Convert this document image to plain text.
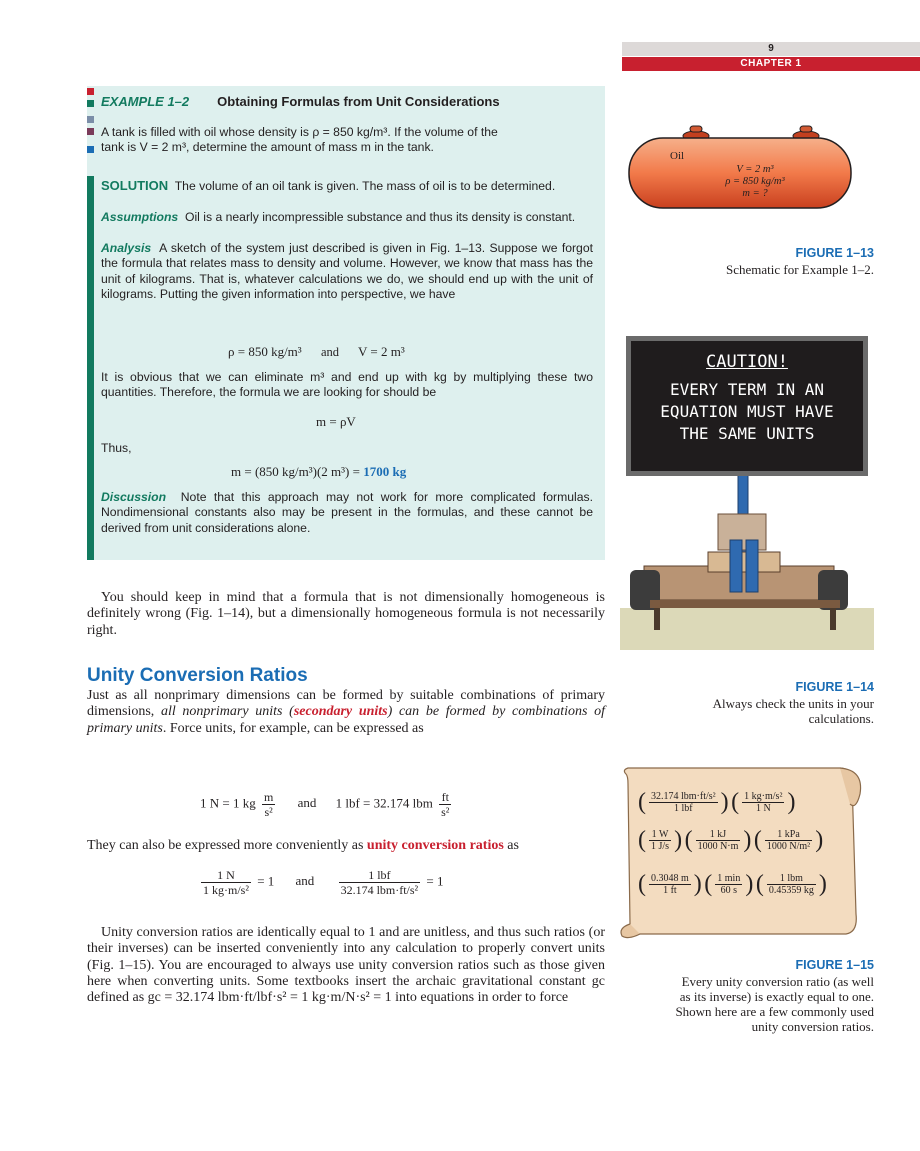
9
CHAPTER 1
EXAMPLE 1–2 Obtaining Formulas from Unit Considerations
A tank is filled with oil whose density is ρ = 850 kg/m³. If the volume of the
tank is V = 2 m³, determine the amount of mass m in the tank.
SOLUTION The volume of an oil tank is given. The mass of oil is to be determined.
Assumptions Oil is a nearly incompressible substance and thus its density is constant.
Analysis A sketch of the system just described is given in Fig. 1–13. Suppose we forgot the formula that relates mass to density and volume. However, we know that mass has the unit of kilograms. That is, whatever calculations we do, we should end up with the unit of kilograms. Putting the given information into perspective, we have
ρ = 850 kg/m³ and V = 2 m³
It is obvious that we can eliminate m³ and end up with kg by multiplying these two quantities. Therefore, the formula we are looking for should be
m = ρV
Thus,
m = (850 kg/m³)(2 m³) = 1700 kg
Discussion Note that this approach may not work for more complicated formulas. Nondimensional constants also may be present in the formulas, and these cannot be derived from unit considerations alone.
You should keep in mind that a formula that is not dimensionally homogeneous is definitely wrong (Fig. 1–14), but a dimensionally homogeneous formula is not necessarily right.
Unity Conversion Ratios
Just as all nonprimary dimensions can be formed by suitable combinations of primary dimensions, all nonprimary units (secondary units) can be formed by combinations of primary units. Force units, for example, can be expressed as
1 N = 1 kg $\frac{m}{\text{s²}}$ and 1 lbf = 32.174 lbm $\frac{ft}{\text{s²}}$
They can also be expressed more conveniently as unity conversion ratios as
$\frac{1 N}{\text{1 kg·m/s²}} = 1$ and $\frac{\text{1 lbf}}{\text{32.174 lbm·ft/s²}} = 1$
Unity conversion ratios are identically equal to 1 and are unitless, and thus such ratios (or their inverses) can be inserted conveniently into any calculation to properly convert units (Fig. 1–15). You are encouraged to always use unity conversion ratios such as those given here when converting units. Some textbooks insert the archaic gravitational constant gc defined as gc = 32.174 lbm·ft/lbf·s² = 1 kg·m/N·s² = 1 into equations in order to force
Oil
V = 2 m³
ρ = 850 kg/m³
m = ?
FIGURE 1–13
Schematic for Example 1–2.
CAUTION!
EVERY TERM IN AN
EQUATION MUST HAVE
THE SAME UNITS
FIGURE 1–14
Always check the units in your
calculations.
( $\frac{\text{32.174 lbm·ft/s²}}{\text{1 lbf}}$ ) ( $\frac{\text{1 kg·m/s²}}{1 N}$ )
( $\frac{1 W}{1 J/s}$ ) ( $\frac{1 kJ}{1000 N\cdot m}$ ) ( $\frac{\text{1 kPa}}{\text{1000 N/m²}}$ )
( $\frac{0.3048 m}{1 ft}$ ) ( $\frac{1 \min}{60 s}$ ) ( $\frac{\text{1 lbm}}{0.45359 kg}$ )
FIGURE 1–15
Every unity conversion ratio (as well
as its inverse) is exactly equal to one.
Shown here are a few commonly used
unity conversion ratios.
